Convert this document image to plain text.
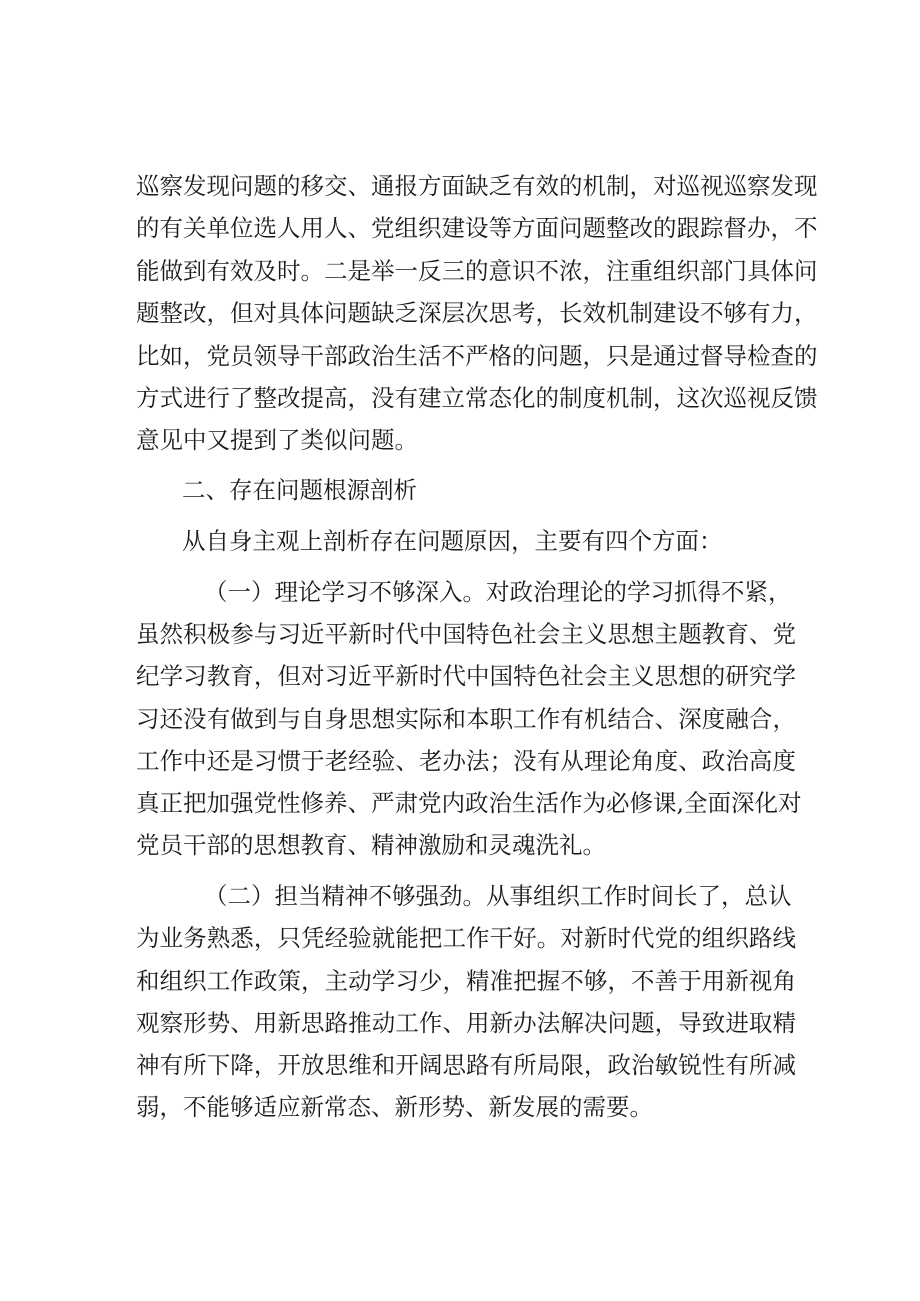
巡察发现问题的移交、通报方面缺乏有效的机制，对巡视巡察发现
的有关单位选人用人、党组织建设等方面问题整改的跟踪督办，不
能做到有效及时。二是举一反三的意识不浓，注重组织部门具体问
题整改，但对具体问题缺乏深层次思考，长效机制建设不够有力，
比如，党员领导干部政治生活不严格的问题，只是通过督导检查的
方式进行了整改提高，没有建立常态化的制度机制，这次巡视反馈
意见中又提到了类似问题。
二、存在问题根源剖析
从自身主观上剖析存在问题原因，主要有四个方面：
（一）理论学习不够深入。对政治理论的学习抓得不紧，
虽然积极参与习近平新时代中国特色社会主义思想主题教育、党
纪学习教育，但对习近平新时代中国特色社会主义思想的研究学
习还没有做到与自身思想实际和本职工作有机结合、深度融合，
工作中还是习惯于老经验、老办法；没有从理论角度、政治高度
真正把加强党性修养、严肃党内政治生活作为必修课,全面深化对
党员干部的思想教育、精神激励和灵魂洗礼。
（二）担当精神不够强劲。从事组织工作时间长了，总认
为业务熟悉，只凭经验就能把工作干好。对新时代党的组织路线
和组织工作政策，主动学习少，精准把握不够，不善于用新视角
观察形势、用新思路推动工作、用新办法解决问题，导致进取精
神有所下降，开放思维和开阔思路有所局限，政治敏锐性有所减
弱，不能够适应新常态、新形势、新发展的需要。
